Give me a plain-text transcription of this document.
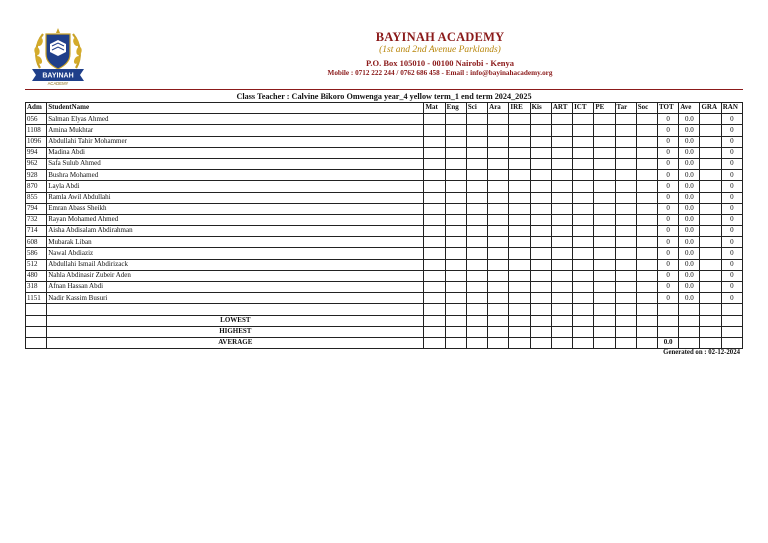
BAYINAH
ACADEMY
BAYINAH ACADEMY
(1st and 2nd Avenue Parklands)
P.O. Box 105010 - 00100 Nairobi - Kenya
Mobile : 0712 222 244 / 0762 686 458 - Email : info@bayinahacademy.org
Class Teacher : Calvine Bikoro Omwenga year_4 yellow term_1 end term 2024_2025
Adm	StudentName	Mat	Eng	Sci	Ara	IRE	Kis	ART	ICT	PE	Tar	Soc	TOT	Ave	GRA	RAN
056	Salman Elyas Ahmed												0	0.0		0
1108	Amina Mukhtar												0	0.0		0
1096	Abdullahi Tahir Mohammer												0	0.0		0
994	Madina Abdi												0	0.0		0
962	Safa Sulub Ahmed												0	0.0		0
928	Bushra Mohamed												0	0.0		0
870	Layla Abdi												0	0.0		0
855	Ramla Awil Abdullahi												0	0.0		0
794	Emran Abass Sheikh												0	0.0		0
732	Rayan Mohamed Ahmed												0	0.0		0
714	Aisha Abdisalam Abdirahman												0	0.0		0
608	Mubarak Liban												0	0.0		0
586	Nawal Abdiaziz												0	0.0		0
512	Abdullahi Ismail Abdirizack												0	0.0		0
480	Nahla Abdinasir Zubeir Aden												0	0.0		0
318	Afnan Hassan Abdi												0	0.0		0
1151	Nadir Kassim Busuri												0	0.0		0

	LOWEST															
	HIGHEST															
	AVERAGE												0.0			
Generated on : 02-12-2024
